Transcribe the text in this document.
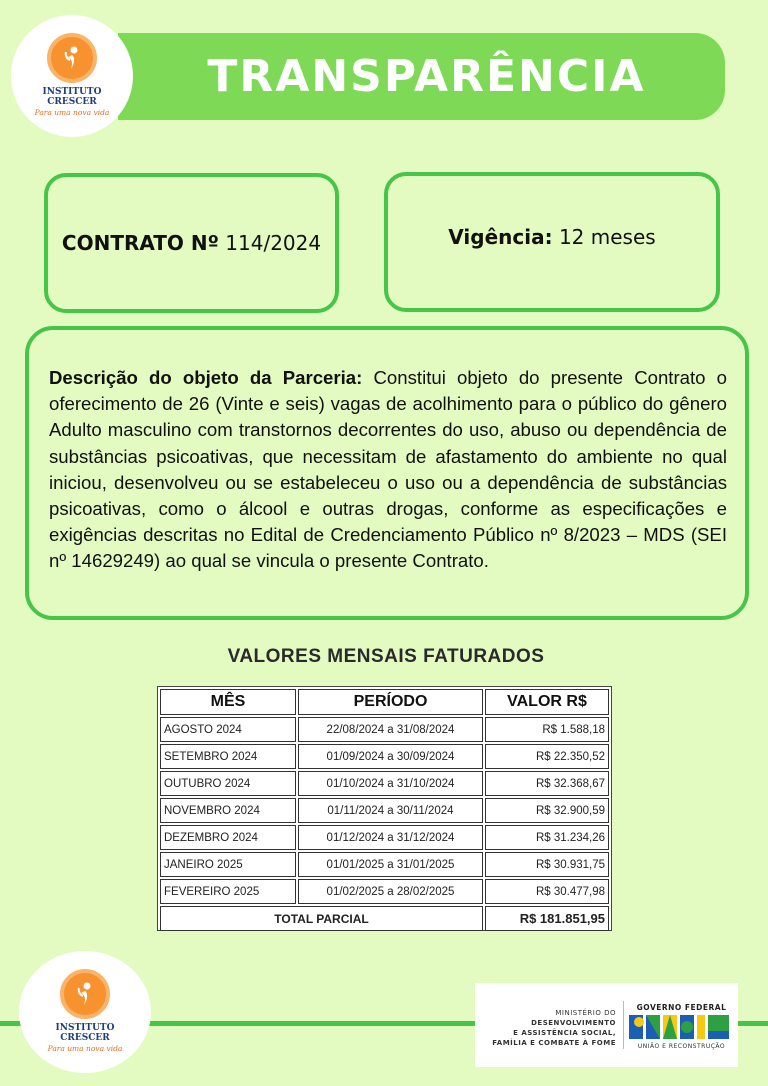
TRANSPARÊNCIA
INSTITUTO
CRESCER
Para uma nova vida
CONTRATO Nº
114/2024	Vigência:
12 meses
Descrição do objeto da Parceria: Constitui objeto do presente Contrato o oferecimento de 26 (Vinte e seis) vagas de acolhimento para o público do gênero Adulto masculino com transtornos decorrentes do uso, abuso ou dependência de substâncias psicoativas, que necessitam de afastamento do ambiente no qual iniciou, desenvolveu ou se estabeleceu o uso ou a dependência de substâncias psicoativas, como o álcool e outras drogas, conforme as especificações e exigências descritas no Edital de Credenciamento Público nº 8/2023 – MDS (SEI nº 14629249) ao qual se vincula o presente Contrato.
VALORES MENSAIS FATURADOS
MÊS	PERÍODO	VALOR R$
AGOSTO 2024	22/08/2024 a 31/08/2024	R$ 1.588,18
SETEMBRO 2024	01/09/2024 a 30/09/2024	R$ 22.350,52
OUTUBRO 2024	01/10/2024 a 31/10/2024	R$ 32.368,67
NOVEMBRO 2024	01/11/2024 a 30/11/2024	R$ 32.900,59
DEZEMBRO 2024	01/12/2024 a 31/12/2024	R$ 31.234,26
JANEIRO 2025	01/01/2025 a 31/01/2025	R$ 30.931,75
FEVEREIRO 2025	01/02/2025 a 28/02/2025	R$ 30.477,98
TOTAL PARCIAL		R$ 181.851,95
INSTITUTO
CRESCER
Para uma nova vida
MINISTÉRIO DO
DESENVOLVIMENTO
E ASSISTÊNCIA SOCIAL,
FAMÍLIA E COMBATE À FOME
GOVERNO FEDERAL
UNIÃO E RECONSTRUÇÃO
